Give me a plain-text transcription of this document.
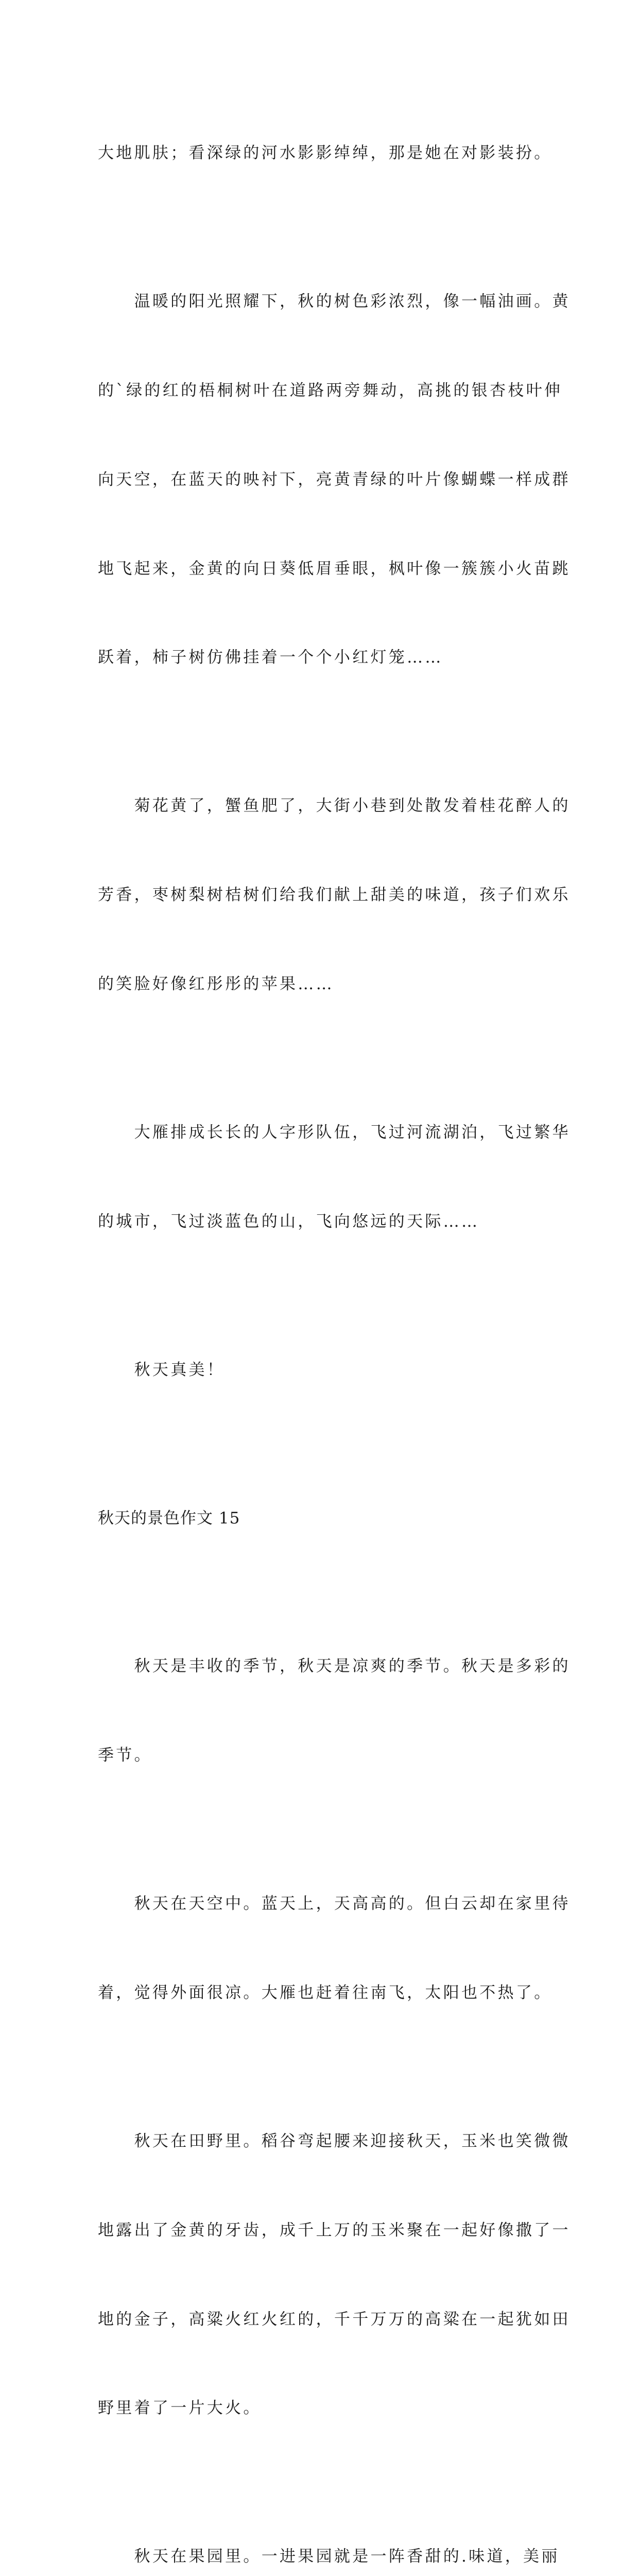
大地肌肤；看深绿的河水影影绰绰，那是她在对影装扮。

　　温暖的阳光照耀下，秋的树色彩浓烈，像一幅油画。黄

的`绿的红的梧桐树叶在道路两旁舞动，高挑的银杏枝叶伸

向天空，在蓝天的映衬下，亮黄青绿的叶片像蝴蝶一样成群

地飞起来，金黄的向日葵低眉垂眼，枫叶像一簇簇小火苗跳

跃着，柿子树仿佛挂着一个个小红灯笼……

　　菊花黄了，蟹鱼肥了，大街小巷到处散发着桂花醉人的

芳香，枣树梨树桔树们给我们献上甜美的味道，孩子们欢乐

的笑脸好像红彤彤的苹果……

　　大雁排成长长的人字形队伍，飞过河流湖泊，飞过繁华

的城市，飞过淡蓝色的山，飞向悠远的天际……

　　秋天真美！

秋天的景色作文 15

　　秋天是丰收的季节，秋天是凉爽的季节。秋天是多彩的

季节。

　　秋天在天空中。蓝天上，天高高的。但白云却在家里待

着，觉得外面很凉。大雁也赶着往南飞，太阳也不热了。

　　秋天在田野里。稻谷弯起腰来迎接秋天，玉米也笑微微

地露出了金黄的牙齿，成千上万的玉米聚在一起好像撒了一

地的金子，高粱火红火红的，千千万万的高粱在一起犹如田

野里着了一片大火。

　　秋天在果园里。一进果园就是一阵香甜的.味道，美丽
